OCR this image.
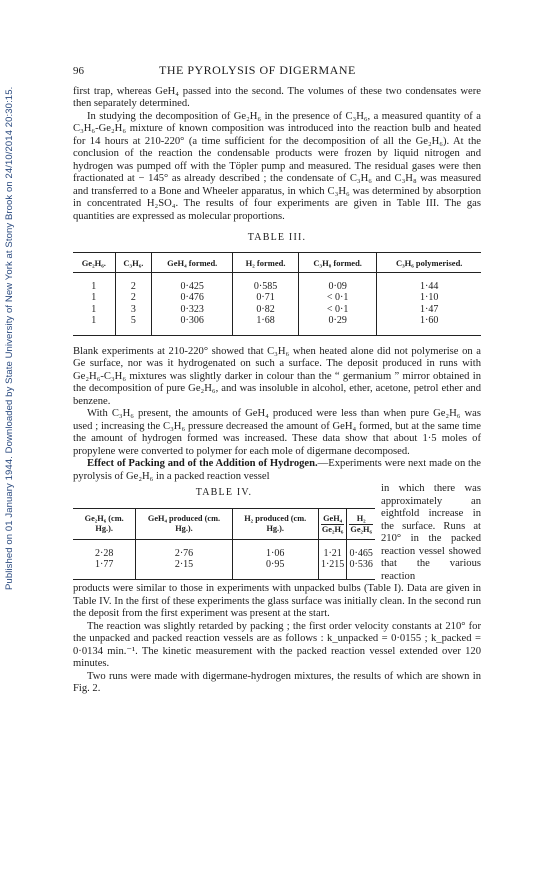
Published on 01 January 1944. Downloaded by State University of New York at Stony Brook on 24/10/2014 20:30:15.
96	THE PYROLYSIS OF DIGERMANE

first trap, whereas GeH₄ passed into the second. The volumes of these two condensates were then separately determined.

In studying the decomposition of Ge₂H₆ in the presence of C₃H₆, a measured quantity of a C₃H₆-Ge₂H₆ mixture of known composition was introduced into the reaction bulb and heated for 14 hours at 210-220° (a time sufficient for the decomposition of all the Ge₂H₆). At the conclusion of the reaction the condensable products were frozen by liquid nitrogen and hydrogen was pumped off with the Töpler pump and measured. The residual gases were then fractionated at − 145° as already described ; the condensate of C₃H₆ and C₃H₈ was measured and transferred to a Bone and Wheeler apparatus, in which C₃H₆ was determined by absorption in concentrated H₂SO₄. The results of four experiments are given in Table III. The gas quantities are expressed as molecular proportions.

TABLE III.
Ge₂H₆.	C₃H₆.	GeH₄ formed.	H₂ formed.	C₃H₈ formed.	C₃H₆ polymerised.
1	2	0·425	0·585	0·09	1·44
1	2	0·476	0·71	< 0·1	1·10
1	3	0·323	0·82	< 0·1	1·47
1	5	0·306	1·68	0·29	1·60

Blank experiments at 210-220° showed that C₃H₆ when heated alone did not polymerise on a Ge surface, nor was it hydrogenated on such a surface. The deposit produced in runs with Ge₂H₆-C₃H₆ mixtures was slightly darker in colour than the “ germanium ” mirror obtained in the decomposition of pure Ge₂H₆, and was insoluble in alcohol, ether, acetone, petrol ether and benzene.

With C₃H₆ present, the amounts of GeH₄ produced were less than when pure Ge₂H₆ was used ; increasing the C₃H₆ pressure decreased the amount of GeH₄ formed, but at the same time the amount of hydrogen formed was increased. These data show that about 1·5 moles of propylene were converted to polymer for each mole of digermane decomposed.

Effect of Packing and of the Addition of Hydrogen.—Experiments were next made on the pyrolysis of Ge₂H₆ in a packed reaction vessel

TABLE IV.
Ge₂H₆ (cm. Hg.).	GeH₄ produced (cm. Hg.).	H₂ produced (cm. Hg.).	$\frac{\text{GeH₄}}{\text{Ge₂H₆}}$	$\frac{\text{H₂}}{\text{Ge₂H₆}}$

2·28	2·76	1·06	1·21	0·465
1·77	2·15	0·95	1·215	0·536

in which there was approximately an eightfold increase in the surface. Runs at 210° in the packed reaction vessel showed that the various reaction

products were similar to those in experiments with unpacked bulbs (Table I). Data are given in Table IV. In the first of these experiments the glass surface was initially clean. In the second run the deposit from the first experiment was present at the start.

The reaction was slightly retarded by packing ; the first order velocity constants at 210° for the unpacked and packed reaction vessels are as follows : k_unpacked = 0·0155 ; k_packed = 0·0134 min.⁻¹. The kinetic measurement with the packed reaction vessel extended over 120 minutes.

Two runs were made with digermane-hydrogen mixtures, the results of which are shown in Fig. 2.
